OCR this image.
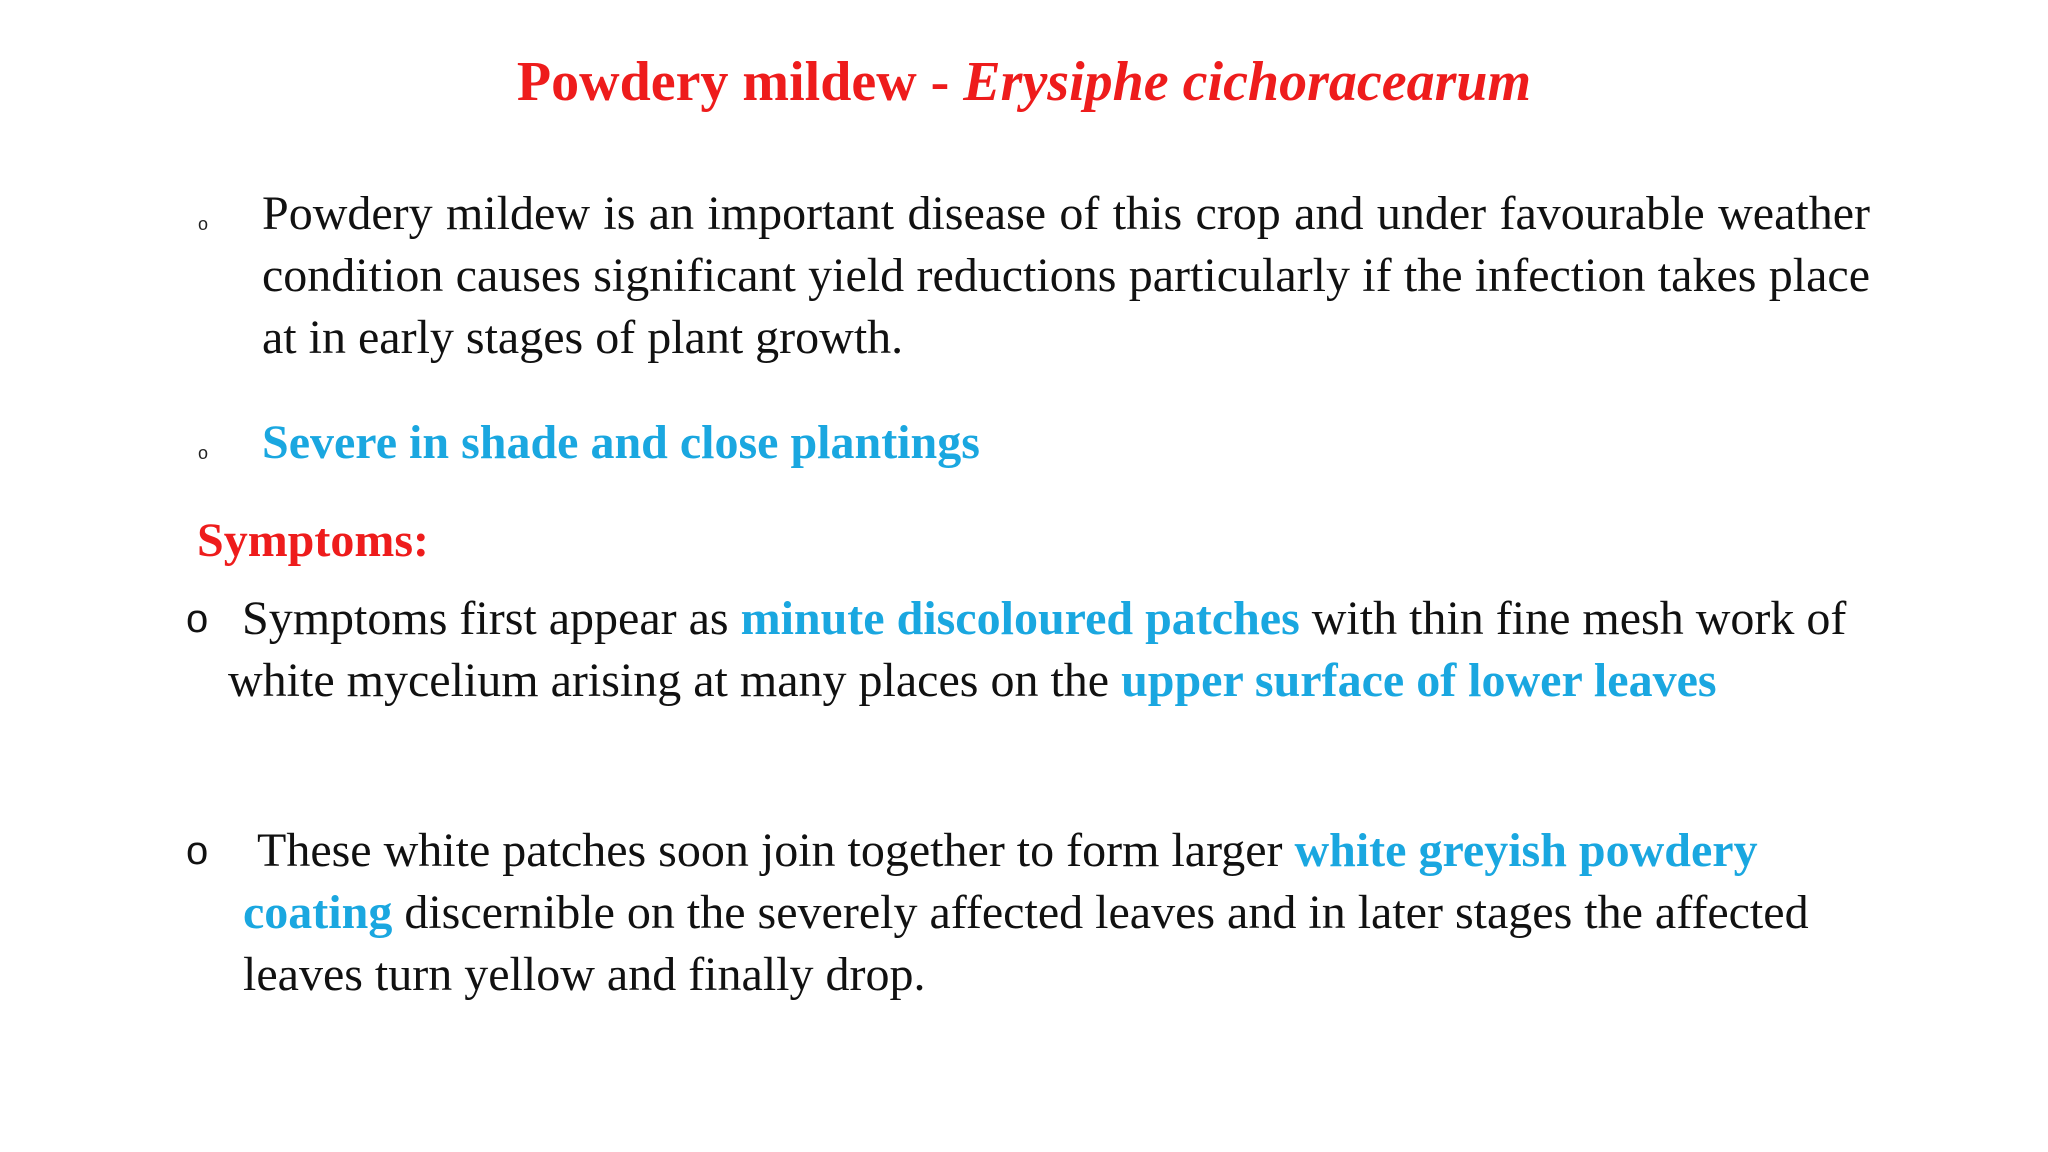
Powdery mildew - Erysiphe cichoracearum
o Powdery mildew is an important disease of this crop and under favourable weather condition causes significant yield reductions particularly if the infection takes place at in early stages of plant growth.
o Severe in shade and close plantings
Symptoms:
o Symptoms first appear as minute discoloured patches with thin fine mesh work of white mycelium arising at many places on the upper surface of lower leaves
o These white patches soon join together to form larger white greyish powdery coating discernible on the severely affected leaves and in later stages the affected leaves turn yellow and finally drop.
